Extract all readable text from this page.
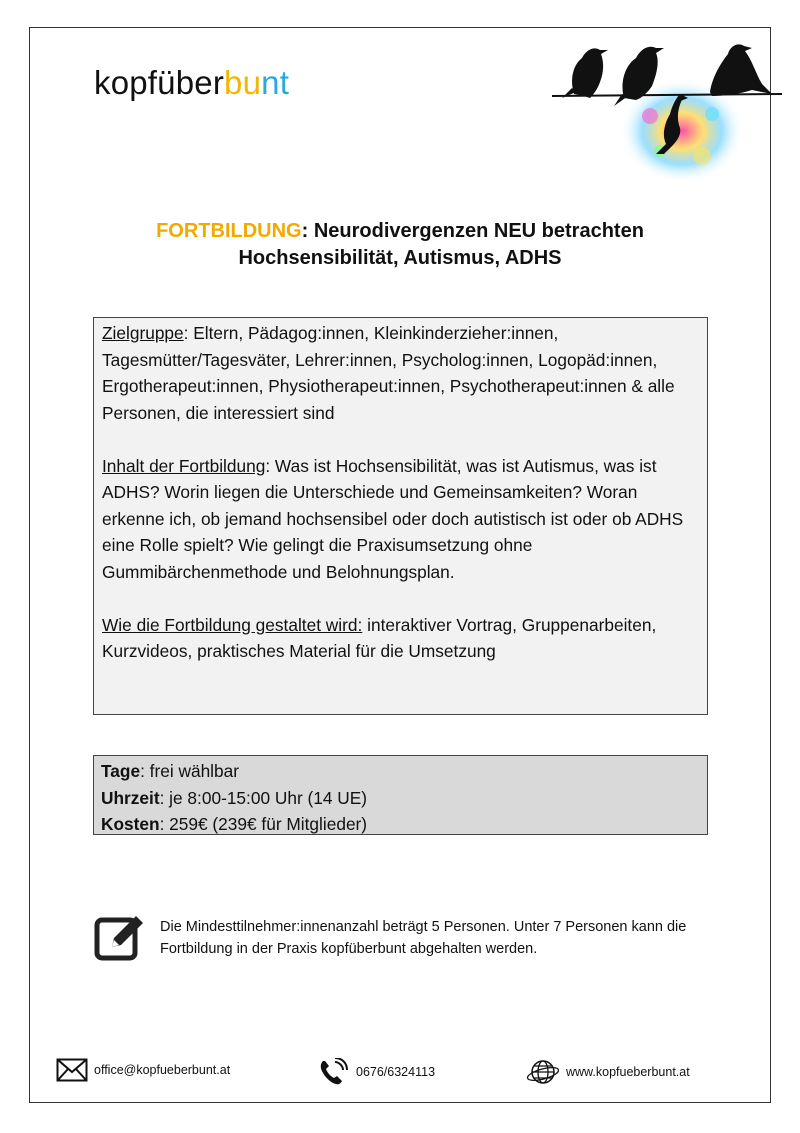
kopfüberbunt
FORTBILDUNG: Neurodivergenzen NEU betrachten
Hochsensibilität, Autismus, ADHS

Zielgruppe: Eltern, Pädagog:innen, Kleinkinderzieher:innen, Tagesmütter/Tagesväter, Lehrer:innen, Psycholog:innen, Logopäd:innen, Ergotherapeut:innen, Physiotherapeut:innen, Psychotherapeut:innen & alle Personen, die interessiert sind

Inhalt der Fortbildung: Was ist Hochsensibilität, was ist Autismus, was ist ADHS? Worin liegen die Unterschiede und Gemeinsamkeiten? Woran erkenne ich, ob jemand hochsensibel oder doch autistisch ist oder ob ADHS eine Rolle spielt? Wie gelingt die Praxisumsetzung ohne Gummibärchenmethode und Belohnungsplan.

Wie die Fortbildung gestaltet wird: interaktiver Vortrag, Gruppenarbeiten, Kurzvideos, praktisches Material für die Umsetzung

Tage: frei wählbar
Uhrzeit: je 8:00-15:00 Uhr (14 UE)
Kosten: 259€ (239€ für Mitglieder)
Die Mindesttilnehmer:innenanzahl beträgt 5 Personen. Unter 7 Personen kann die Fortbildung in der Praxis kopfüberbunt abgehalten werden.
office@kopfueberbunt.at	0676/6324113	www.kopfueberbunt.at
